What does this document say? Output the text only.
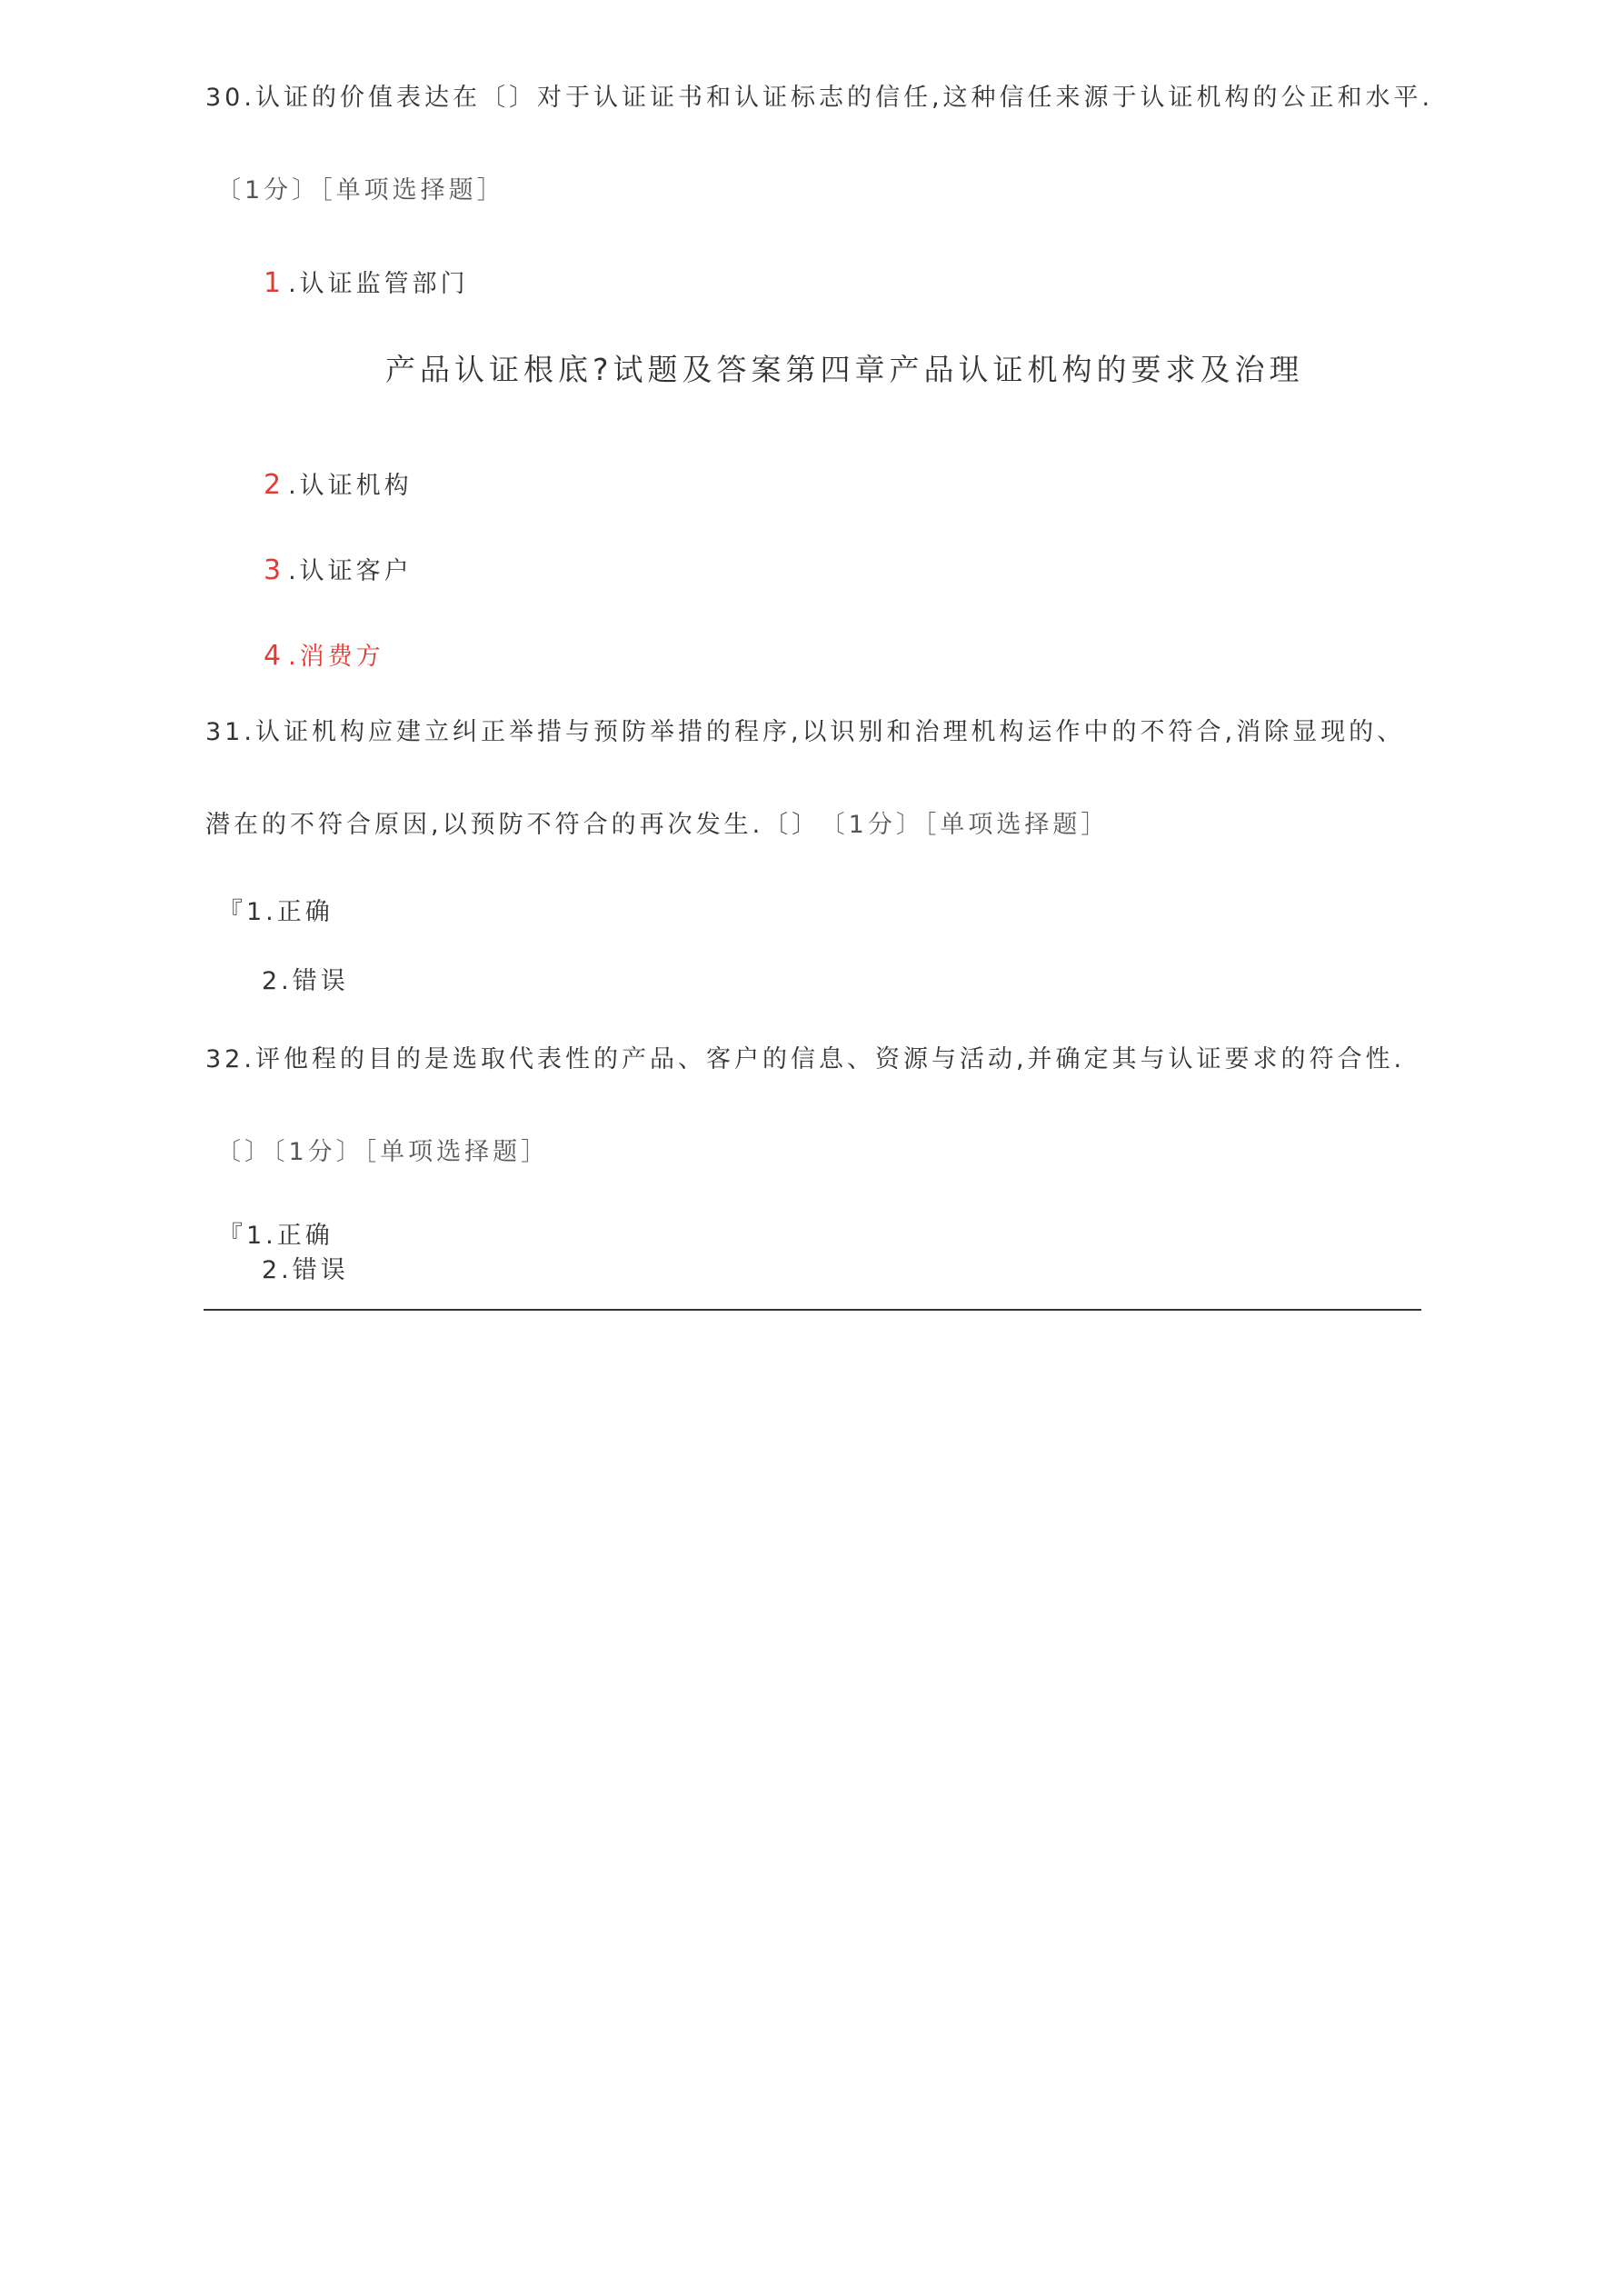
30.认证的价值表达在〔〕对于认证证书和认证标志的信任,这种信任来源于认证机构的公正和水平.
〔1分〕［单项选择题］
1 .认证监管部门
产品认证根底?试题及答案第四章产品认证机构的要求及治理
2 .认证机构
3 .认证客户
4 .消费方
31.认证机构应建立纠正举措与预防举措的程序,以识别和治理机构运作中的不符合,消除显现的、
潜在的不符合原因,以预防不符合的再次发生.〔〕 〔1分〕［单项选择题］
『1.正确
2.错误
32.评他程的目的是选取代表性的产品、客户的信息、资源与活动,并确定其与认证要求的符合性.
〔〕〔1分〕［单项选择题］
『1.正确
2.错误
